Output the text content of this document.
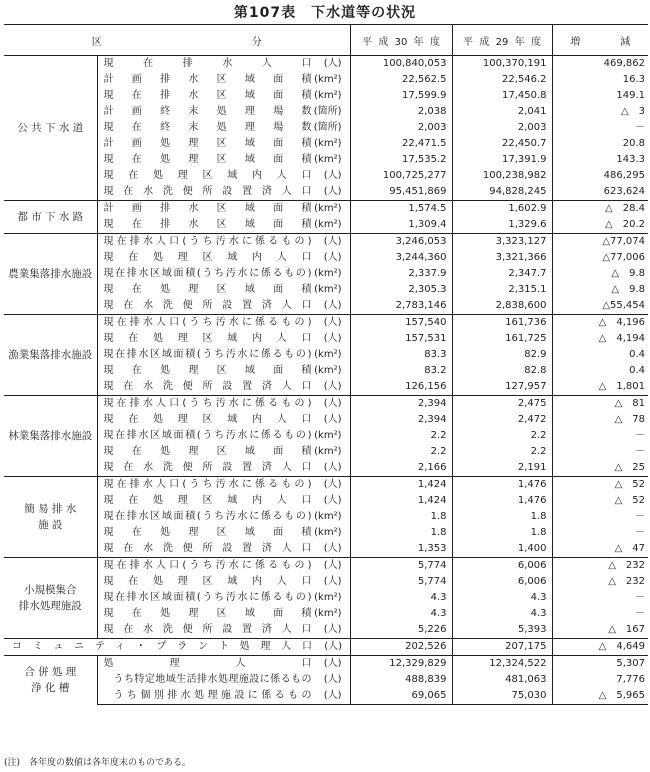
第107表　下水道等の状況
区　分		平成30年度	平成29年度	増　減
公 共 下 水 道	現在排水人口 (人)	100,840,053	100,370,191	469,862
	計画排水区域面積 (km²)	22,562.5	22,546.2	16.3
	現在排水区域面積 (km²)	17,599.9	17,450.8	149.1
	計画終末処理場数 (箇所)	2,038	2,041	△　3
	現在終末処理場数 (箇所)	2,003	2,003	－
	計画処理区域面積 (km²)	22,471.5	22,450.7	20.8
	現在処理区域面積 (km²)	17,535.2	17,391.9	143.3
	現在処理区域内人口 (人)	100,725,277	100,238,982	486,295
	現在水洗便所設置済人口 (人)	95,451,869	94,828,245	623,624
都 市 下 水 路	計画排水区域面積 (km²)	1,574.5	1,602.9	△　28.4
	現在排水区域面積 (km²)	1,309.4	1,329.6	△　20.2
農業集落排水施設	現在排水人口(うち汚水に係るもの) (人)	3,246,053	3,323,127	△77,074
	現在処理区域内人口 (人)	3,244,360	3,321,366	△77,006
	現在排水区域面積(うち汚水に係るもの) (km²)	2,337.9	2,347.7	△　9.8
	現在処理区域面積 (km²)	2,305.3	2,315.1	△　9.8
	現在水洗便所設置済人口 (人)	2,783,146	2,838,600	△55,454
漁業集落排水施設	現在排水人口(うち汚水に係るもの) (人)	157,540	161,736	△　4,196
	現在処理区域内人口 (人)	157,531	161,725	△　4,194
	現在排水区域面積(うち汚水に係るもの) (km²)	83.3	82.9	0.4
	現在処理区域面積 (km²)	83.2	82.8	0.4
	現在水洗便所設置済人口 (人)	126,156	127,957	△　1,801
林業集落排水施設	現在排水人口(うち汚水に係るもの) (人)	2,394	2,475	△　81
	現在処理区域内人口 (人)	2,394	2,472	△　78
	現在排水区域面積(うち汚水に係るもの) (km²)	2.2	2.2	－
	現在処理区域面積 (km²)	2.2	2.2	－
	現在水洗便所設置済人口 (人)	2,166	2,191	△　25
簡 易 排 水
施 設	現在排水人口(うち汚水に係るもの) (人)	1,424	1,476	△　52
	現在処理区域内人口 (人)	1,424	1,476	△　52
	現在排水区域面積(うち汚水に係るもの) (km²)	1.8	1.8	－
	現在処理区域面積 (km²)	1.8	1.8	－
	現在水洗便所設置済人口 (人)	1,353	1,400	△　47
小規模集合
排水処理施設	現在排水人口(うち汚水に係るもの) (人)	5,774	6,006	△　232
	現在処理区域内人口 (人)	5,774	6,006	△　232
	現在排水区域面積(うち汚水に係るもの) (km²)	4.3	4.3	－
	現在処理区域面積 (km²)	4.3	4.3	－
	現在水洗便所設置済人口 (人)	5,226	5,393	△　167
コミュニティ・プラント処理人口 (人)		202,526	207,175	△　4,649
合 併 処 理
浄 化 槽	処理人口 (人)	12,329,829	12,324,522	5,307
	うち特定地域生活排水処理施設に係るもの (人)	488,839	481,063	7,776
	うち個別排水処理施設に係るもの (人)	69,065	75,030	△　5,965
(注)　各年度の数値は各年度末のものである。
